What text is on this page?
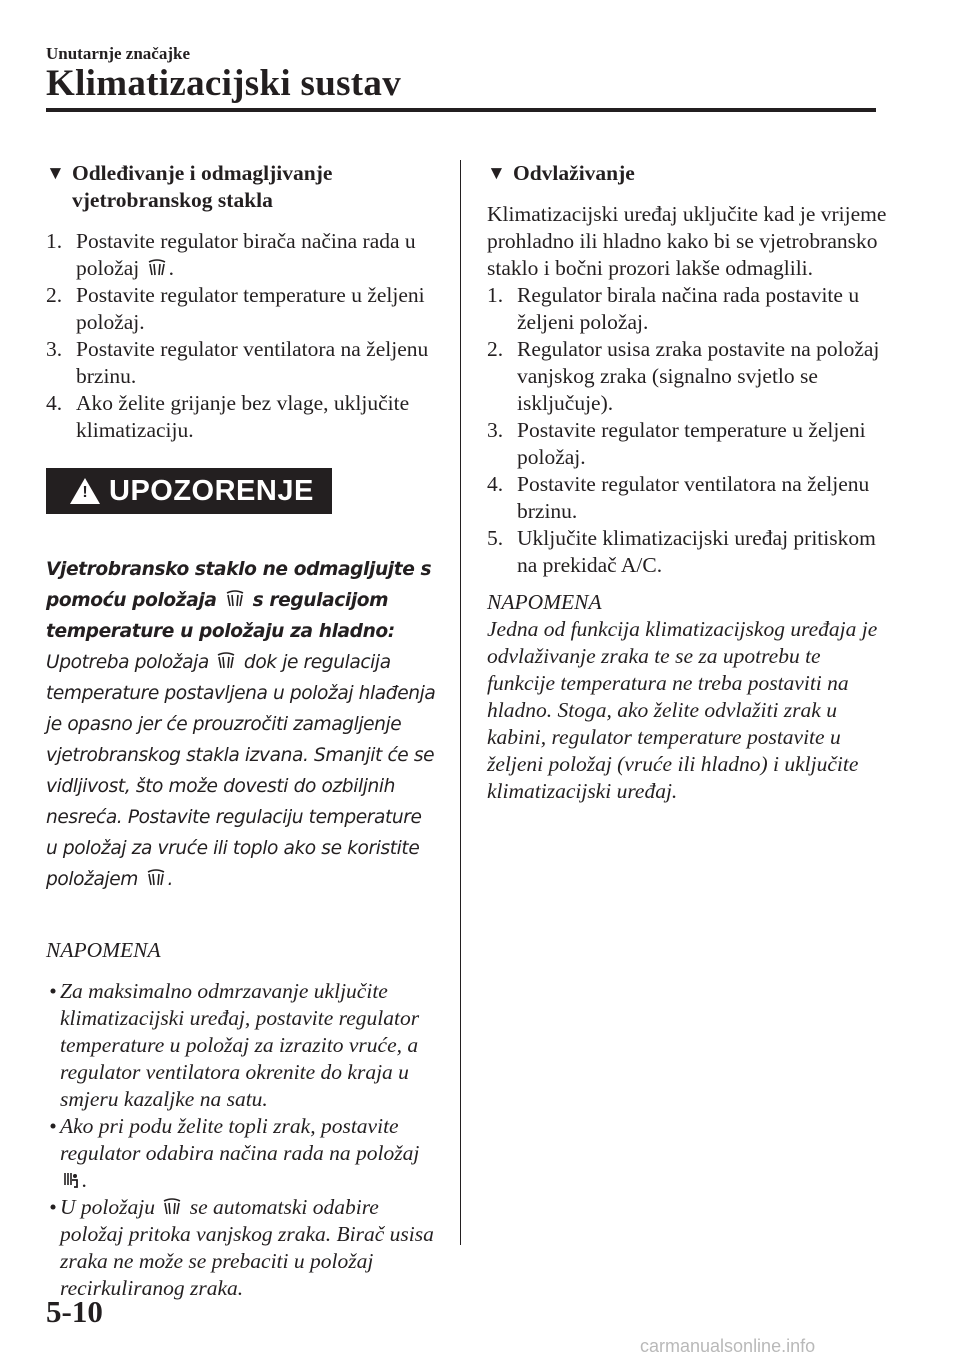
Unutarnje značajke
Klimatizacijski sustav
▼ Odleđivanje i odmagljivanje
vjetrobranskog stakla
1. Postavite regulator birača načina rada u položaj
.
2. Postavite regulator temperature u željeni položaj.
3. Postavite regulator ventilatora na željenu brzinu.
4. Ako želite grijanje bez vlage, uključite klimatizaciju.
! UPOZORENJE
Vjetrobransko staklo ne odmagljujte s pomoću položaja
s regulacijom temperature u položaju za hladno:
Upotreba položaja
dok je regulacija temperature postavljena u položaj hlađenja je opasno jer će prouzročiti zamagljenje vjetrobranskog stakla izvana. Smanjit će se vidljivost, što može dovesti do ozbiljnih nesreća. Postavite regulaciju temperature u položaj za vruće ili toplo ako se koristite položajem
.
NAPOMENA
• Za maksimalno odmrzavanje uključite klimatizacijski uređaj, postavite regulator temperature u položaj za izrazito vruće, a regulator ventilatora okrenite do kraja u smjeru kazaljke na satu.
• Ako pri podu želite topli zrak, postavite regulator odabira načina rada na položaj
.
• U položaju
se automatski odabire položaj pritoka vanjskog zraka. Birač usisa zraka ne može se prebaciti u položaj recirkuliranog zraka.
▼ Odvlaživanje

Klimatizacijski uređaj uključite kad je vrijeme prohladno ili hladno kako bi se vjetrobransko staklo i bočni prozori lakše odmaglili.

1. Regulator birala načina rada postavite u željeni položaj.
2. Regulator usisa zraka postavite na položaj vanjskog zraka (signalno svjetlo se isključuje).
3. Postavite regulator temperature u željeni položaj.
4. Postavite regulator ventilatora na željenu brzinu.
5. Uključite klimatizacijski uređaj pritiskom na prekidač A/C.
NAPOMENA

Jedna od funkcija klimatizacijskog uređaja je odvlaživanje zraka te se za upotrebu te funkcije temperatura ne treba postaviti na hladno. Stoga, ako želite odvlažiti zrak u kabini, regulator temperature postavite u željeni položaj (vruće ili hladno) i uključite klimatizacijski uređaj.

5-10
carmanualsonline.info
